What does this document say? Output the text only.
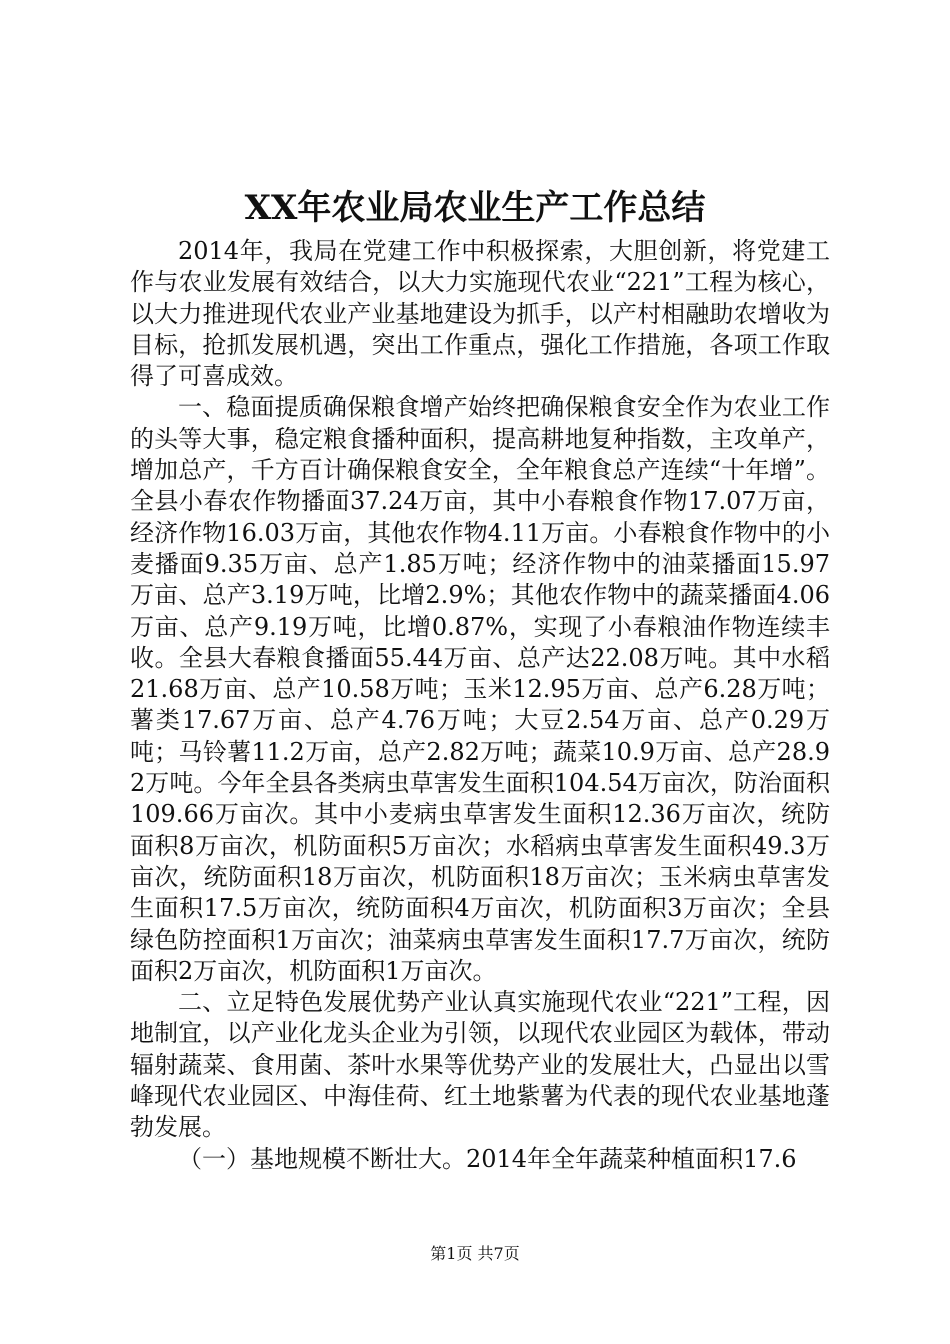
XX年农业局农业生产工作总结

2014年，我局在党建工作中积极探索，大胆创新，将党建工作与农业发展有效结合，以大力实施现代农业“221”工程为核心，以大力推进现代农业产业基地建设为抓手，以产村相融助农增收为目标，抢抓发展机遇，突出工作重点，强化工作措施，各项工作取得了可喜成效。

一、稳面提质确保粮食增产始终把确保粮食安全作为农业工作的头等大事，稳定粮食播种面积，提高耕地复种指数，主攻单产，增加总产，千方百计确保粮食安全，全年粮食总产连续“十年增”。全县小春农作物播面37.24万亩，其中小春粮食作物17.07万亩，经济作物16.03万亩，其他农作物4.11万亩。小春粮食作物中的小麦播面9.35万亩、总产1.85万吨；经济作物中的油菜播面15.97万亩、总产3.19万吨，比增2.9%；其他农作物中的蔬菜播面4.06万亩、总产9.19万吨，比增0.87%，实现了小春粮油作物连续丰收。全县大春粮食播面55.44万亩、总产达22.08万吨。其中水稻21.68万亩、总产10.58万吨；玉米12.95万亩、总产6.28万吨；薯类17.67万亩、总产4.76万吨；大豆2.54万亩、总产0.29万吨；马铃薯11.2万亩，总产2.82万吨；蔬菜10.9万亩、总产28.92万吨。今年全县各类病虫草害发生面积104.54万亩次，防治面积109.66万亩次。其中小麦病虫草害发生面积12.36万亩次，统防面积8万亩次，机防面积5万亩次；水稻病虫草害发生面积49.3万亩次，统防面积18万亩次，机防面积18万亩次；玉米病虫草害发生面积17.5万亩次，统防面积4万亩次，机防面积3万亩次；全县绿色防控面积1万亩次；油菜病虫草害发生面积17.7万亩次，统防面积2万亩次，机防面积1万亩次。

二、立足特色发展优势产业认真实施现代农业“221”工程，因地制宜，以产业化龙头企业为引领，以现代农业园区为载体，带动辐射蔬菜、食用菌、茶叶水果等优势产业的发展壮大，凸显出以雪峰现代农业园区、中海佳荷、红土地紫薯为代表的现代农业基地蓬勃发展。

（一）基地规模不断壮大。2014年全年蔬菜种植面积17.6

第1页 共7页
